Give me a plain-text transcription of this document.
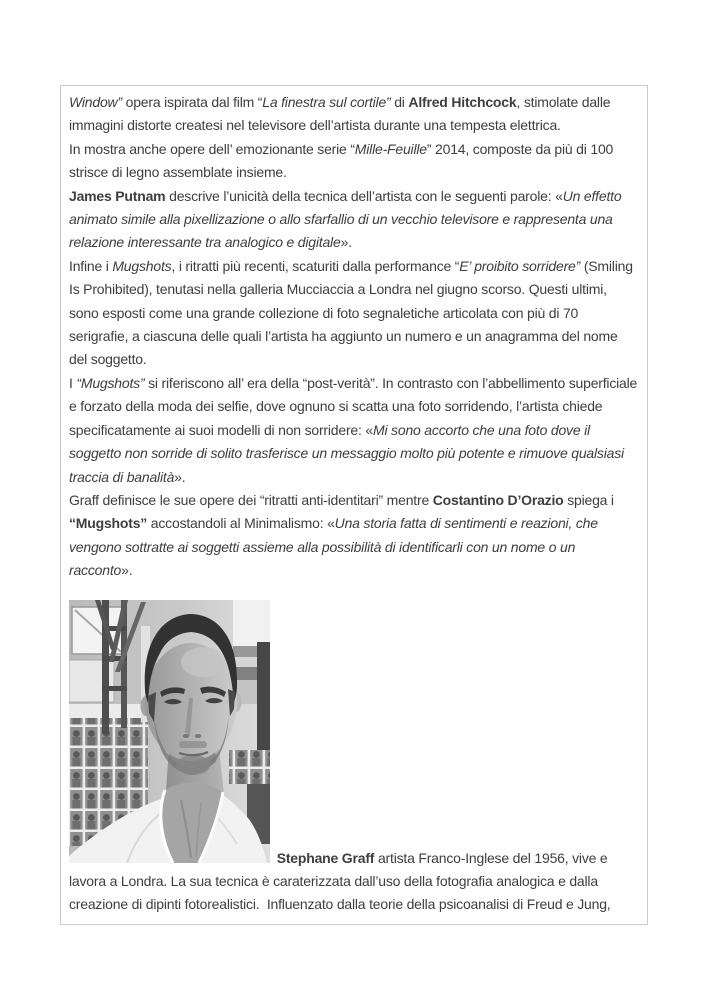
Window” opera ispirata dal film “La finestra sul cortile” di Alfred Hitchcock, stimolate dalle immagini distorte createsi nel televisore dell’artista durante una tempesta elettrica.

In mostra anche opere dell’ emozionante serie “Mille-Feuille” 2014, composte da più di 100 strisce di legno assemblate insieme.

James Putnam descrive l’unicità della tecnica dell’artista con le seguenti parole: «Un effetto animato simile alla pixellizazione o allo sfarfallio di un vecchio televisore e rappresenta una relazione interessante tra analogico e digitale».

Infine i Mugshots, i ritratti più recenti, scaturiti dalla performance “E’ proibito sorridere” (Smiling Is Prohibited), tenutasi nella galleria Mucciaccia a Londra nel giugno scorso. Questi ultimi, sono esposti come una grande collezione di foto segnaletiche articolata con più di 70 serigrafie, a ciascuna delle quali l’artista ha aggiunto un numero e un anagramma del nome del soggetto.

I “Mugshots” si riferiscono all’ era della “post-verità”. In contrasto con l’abbellimento superficiale e forzato della moda dei selfie, dove ognuno si scatta una foto sorridendo, l’artista chiede specificatamente ai suoi modelli di non sorridere: «Mi sono accorto che una foto dove il soggetto non sorride di solito trasferisce un messaggio molto più potente e rimuove qualsiasi traccia di banalità».

Graff definisce le sue opere dei “ritratti anti-identitari” mentre Costantino D’Orazio spiega i “Mugshots” accostandoli al Minimalismo: «Una storia fatta di sentimenti e reazioni, che vengono sottratte ai soggetti assieme alla possibilità di identificarli con un nome o un racconto».

Stephane Graff artista Franco-Inglese del 1956, vive e lavora a Londra. La sua tecnica è caraterizzata dall’uso della fotografia analogica e dalla creazione di dipinti fotorealistici.  Influenzato dalla teorie della psicoanalisi di Freud e Jung,
